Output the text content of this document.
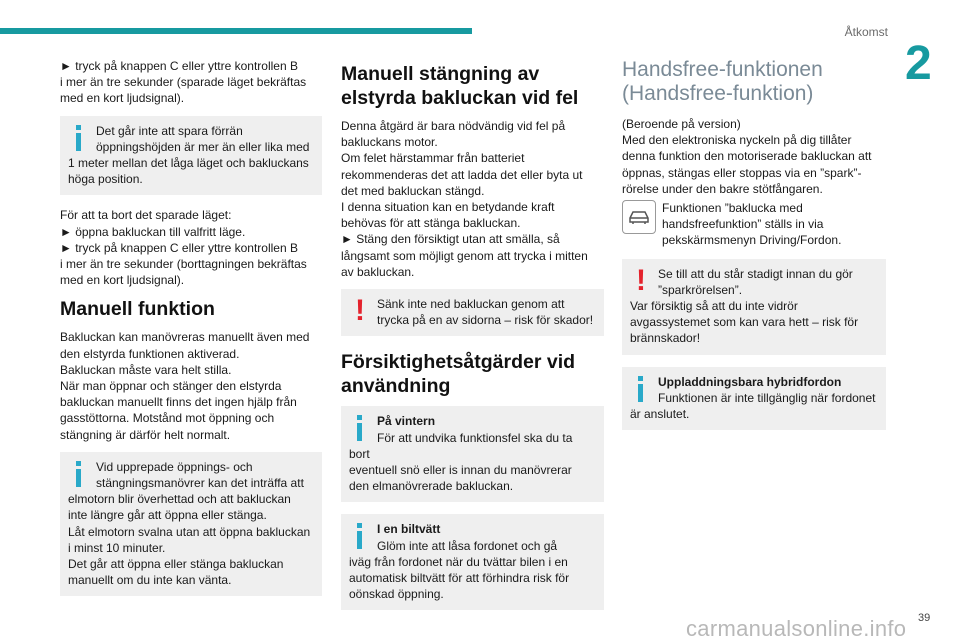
Åtkomst
2

► tryck på knappen C eller yttre kontrollen B
i mer än tre sekunder (sparade läget bekräftas
med en kort ljudsignal).

Det går inte att spara förrän
öppningshöjden är mer än eller lika med
1 meter mellan det låga läget och bakluckans
höga position.

För att ta bort det sparade läget:
► öppna bakluckan till valfritt läge.
► tryck på knappen C eller yttre kontrollen B
i mer än tre sekunder (borttagningen bekräftas
med en kort ljudsignal).

Manuell funktion

Bakluckan kan manövreras manuellt även med
den elstyrda funktionen aktiverad.
Bakluckan måste vara helt stilla.
När man öppnar och stänger den elstyrda
bakluckan manuellt finns det ingen hjälp från
gasstöttorna. Motstånd mot öppning och
stängning är därför helt normalt.

Vid upprepade öppnings- och
stängningsmanövrer kan det inträffa att
elmotorn blir överhettad och att bakluckan
inte längre går att öppna eller stänga.
Låt elmotorn svalna utan att öppna bakluckan
i minst 10 minuter.
Det går att öppna eller stänga bakluckan
manuellt om du inte kan vänta.
Manuell stängning av elstyrda bakluckan vid fel

Denna åtgärd är bara nödvändig vid fel på
bakluckans motor.
Om felet härstammar från batteriet
rekommenderas det att ladda det eller byta ut
det med bakluckan stängd.
I denna situation kan en betydande kraft
behövas för att stänga bakluckan.
► Stäng den försiktigt utan att smälla, så
långsamt som möjligt genom att trycka i mitten
av bakluckan.

!	Sänk inte ned bakluckan genom att
trycka på en av sidorna – risk för skador!
Försiktighetsåtgärder vid användning
På vintern
För att undvika funktionsfel ska du ta bort
eventuell snö eller is innan du manövrerar
den elmanövrerade bakluckan.
I en biltvätt
Glöm inte att låsa fordonet och gå
iväg från fordonet när du tvättar bilen i en
automatisk biltvätt för att förhindra risk för
oönskad öppning.
Handsfree-funktionen (Handsfree-funktion)

(Beroende på version)
Med den elektroniska nyckeln på dig tillåter
denna funktion den motoriserade bakluckan att
öppnas, stängas eller stoppas via en ”spark”-
rörelse under den bakre stötfångaren.

Funktionen ”baklucka med
handsfreefunktion” ställs in via
pekskärmsmenyn Driving/Fordon.

!	Se till att du står stadigt innan du gör
”sparkrörelsen”.
Var försiktig så att du inte vidrör
avgassystemet som kan vara hett – risk för
brännskador!
Uppladdningsbara hybridfordon
Funktionen är inte tillgänglig när fordonet
är anslutet.
carmanualsonline.info 39
